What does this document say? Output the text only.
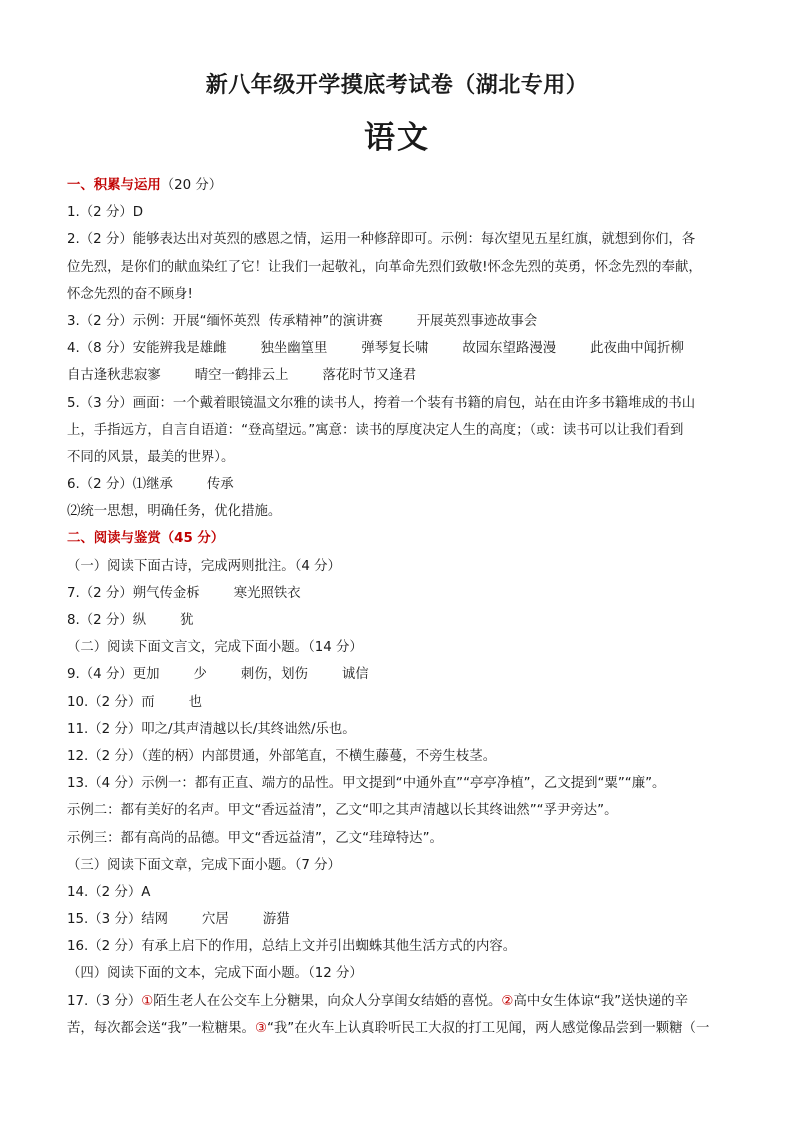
新八年级开学摸底考试卷（湖北专用）
语文
一、积累与运用（20 分）
1.（2 分）D
2.（2 分）能够表达出对英烈的感恩之情，运用一种修辞即可。示例：每次望见五星红旗，就想到你们，各
位先烈，是你们的献血染红了它！让我们一起敬礼，向革命先烈们致敬!怀念先烈的英勇，怀念先烈的奉献，
怀念先烈的奋不顾身!
3.（2 分）示例：开展“缅怀英烈  传承精神”的演讲赛	开展英烈事迹故事会
4.（8 分）安能辨我是雄雌	独坐幽篁里	弹琴复长啸	故园东望路漫漫	此夜曲中闻折柳
自古逢秋悲寂寥	晴空一鹤排云上	落花时节又逢君
5.（3 分）画面：一个戴着眼镜温文尔雅的读书人，挎着一个装有书籍的肩包，站在由许多书籍堆成的书山
上，手指远方，自言自语道：“登高望远。”寓意：读书的厚度决定人生的高度；（或：读书可以让我们看到
不同的风景，最美的世界）。
6.（2 分）⑴继承	传承
⑵统一思想，明确任务，优化措施。
二、阅读与鉴赏（45 分）
（一）阅读下面古诗，完成两则批注。（4 分）
7.（2 分）朔气传金柝	寒光照铁衣
8.（2 分）纵	犹
（二）阅读下面文言文，完成下面小题。（14 分）
9.（4 分）更加	少	刺伤，划伤	诚信
10.（2 分）而	也
11.（2 分）叩之/其声清越以长/其终诎然/乐也。
12.（2 分）（莲的柄）内部贯通，外部笔直，不横生藤蔓，不旁生枝茎。
13.（4 分）示例一：都有正直、端方的品性。甲文提到“中通外直”“亭亭净植”，乙文提到“粟”“廉”。
示例二：都有美好的名声。甲文“香远益清”，乙文“叩之其声清越以长其终诎然”“孚尹旁达”。
示例三：都有高尚的品德。甲文“香远益清”，乙文“珪璋特达”。
（三）阅读下面文章，完成下面小题。（7 分）
14.（2 分）A
15.（3 分）结网	穴居	游猎
16.（2 分）有承上启下的作用，总结上文并引出蜘蛛其他生活方式的内容。
（四）阅读下面的文本，完成下面小题。（12 分）
17.（3 分）①陌生老人在公交车上分糖果，向众人分享闺女结婚的喜悦。②高中女生体谅“我”送快递的辛
苦，每次都会送“我”一粒糖果。③“我”在火车上认真聆听民工大叔的打工见闻，两人感觉像品尝到一颗糖（一
